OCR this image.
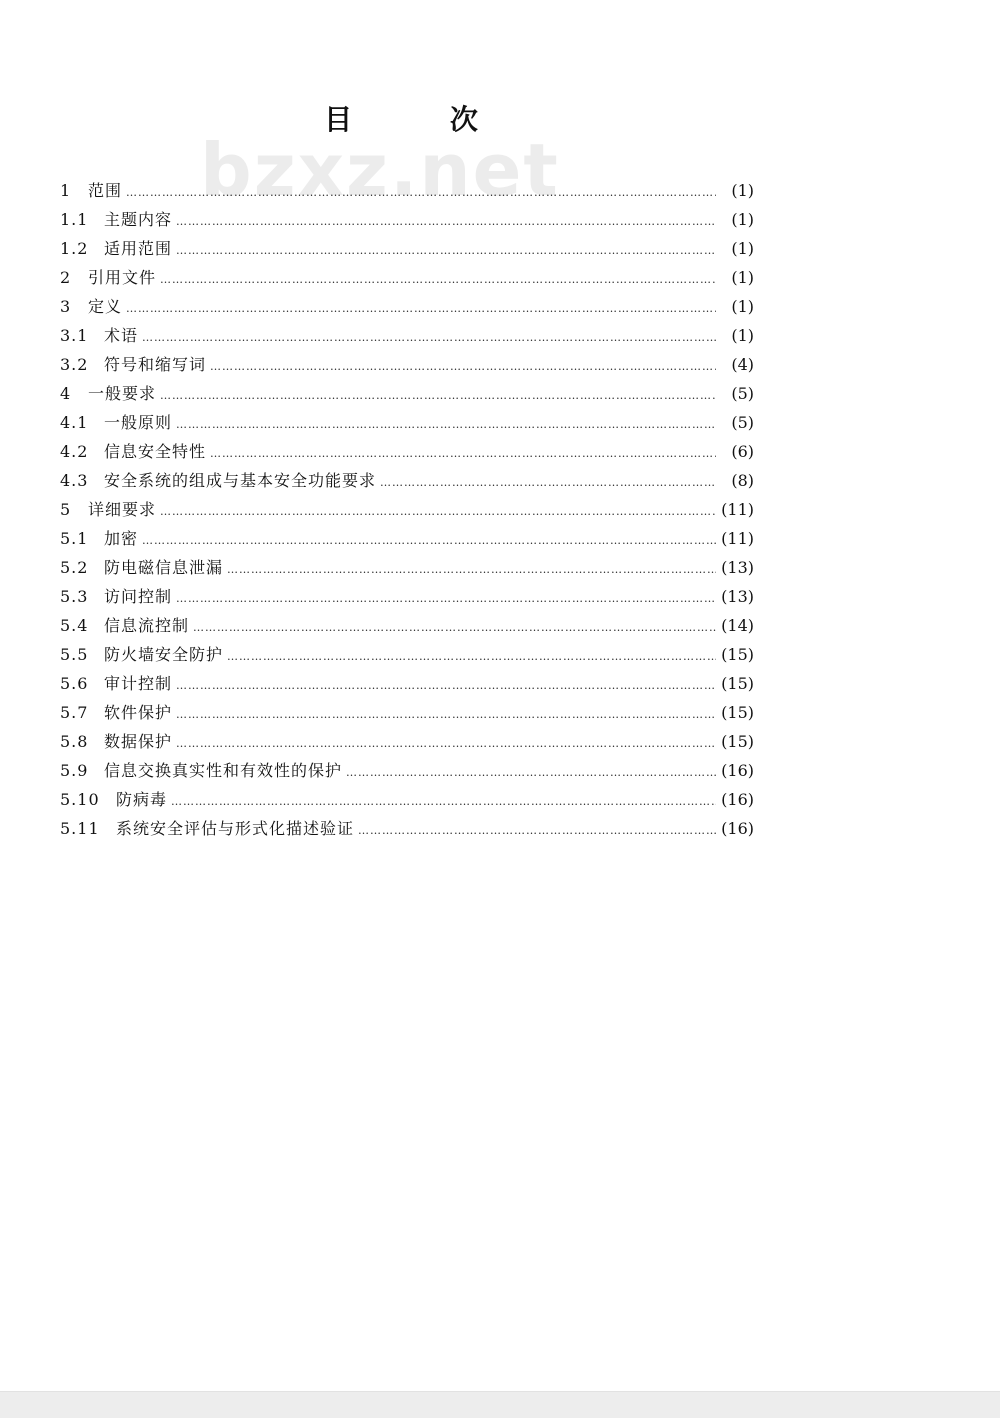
bzxz.net
目 次
1	范围 ……………………………………………………………………………………………………………………………………………………………………………………………………………………	(1)
1.1 主题内容 ……………………………………………………………………………………………………………………………………………………………………………………………………………………	(1)
1.2 适用范围 ……………………………………………………………………………………………………………………………………………………………………………………………………………………	(1)
2	引用文件 ……………………………………………………………………………………………………………………………………………………………………………………………………………………	(1)
3	定义 ……………………………………………………………………………………………………………………………………………………………………………………………………………………	(1)
3.1 术语 ……………………………………………………………………………………………………………………………………………………………………………………………………………………	(1)
3.2 符号和缩写词 ……………………………………………………………………………………………………………………………………………………………………………………………………………………	(4)
4	一般要求 ……………………………………………………………………………………………………………………………………………………………………………………………………………………	(5)
4.1 一般原则 ……………………………………………………………………………………………………………………………………………………………………………………………………………………	(5)
4.2 信息安全特性 ……………………………………………………………………………………………………………………………………………………………………………………………………………………	(6)
4.3 安全系统的组成与基本安全功能要求 ……………………………………………………………………………………………………………………………………………………………………………………………………………………	(8)
5	详细要求 ……………………………………………………………………………………………………………………………………………………………………………………………………………………	(11)
5.1 加密 ……………………………………………………………………………………………………………………………………………………………………………………………………………………	(11)
5.2 防电磁信息泄漏 ……………………………………………………………………………………………………………………………………………………………………………………………………………………	(13)
5.3 访问控制 ……………………………………………………………………………………………………………………………………………………………………………………………………………………	(13)
5.4 信息流控制 ……………………………………………………………………………………………………………………………………………………………………………………………………………………	(14)
5.5 防火墙安全防护 ……………………………………………………………………………………………………………………………………………………………………………………………………………………	(15)
5.6 审计控制 ……………………………………………………………………………………………………………………………………………………………………………………………………………………	(15)
5.7 软件保护 ……………………………………………………………………………………………………………………………………………………………………………………………………………………	(15)
5.8 数据保护 ……………………………………………………………………………………………………………………………………………………………………………………………………………………	(15)
5.9 信息交换真实性和有效性的保护 ……………………………………………………………………………………………………………………………………………………………………………………………………………………	(16)
5.10	防病毒 ……………………………………………………………………………………………………………………………………………………………………………………………………………………	(16)
5.11	系统安全评估与形式化描述验证 ……………………………………………………………………………………………………………………………………………………………………………………………………………………	(16)
